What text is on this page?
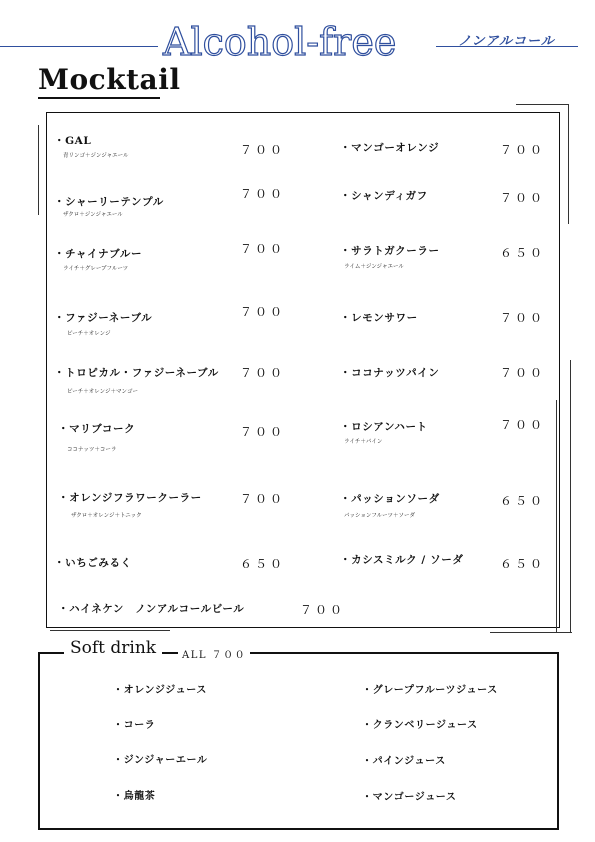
Alcohol-free	ノンアルコール
Mocktail
・GAL
青リンゴ＋ジンジャエール	７００
・シャーリーテンプル
ザクロ＋ジンジャエール
７００
・チャイナブルー
ライチ＋グレープフルーツ
７００
・ファジーネーブル
ピーチ＋オレンジ
７００
・トロピカル・ファジーネーブル
ピーチ＋オレンジ＋マンゴー
７００
・マリブコーク
ココナッツ＋コーラ
７００
・オレンジフラワークーラー
ザクロ＋オレンジ＋トニック
７００
・いちごみるく	６５０
・ハイネケン　ノンアルコールビール	７００
・マンゴーオレンジ	７００
・シャンディガフ	７００
・サラトガクーラー
ライム＋ジンジャエール
６５０
・レモンサワー	７００
・ココナッツパイン	７００
・ロシアンハート
ライチ＋パイン
７００
・パッションソーダ
パッションフルーツ＋ソーダ
６５０
・カシスミルク / ソーダ	６５０
Soft drink	ALL ７００
・オレンジジュース
・コーラ
・ジンジャーエール
・烏龍茶
・グレープフルーツジュース
・クランベリージュース
・パインジュース
・マンゴージュース
